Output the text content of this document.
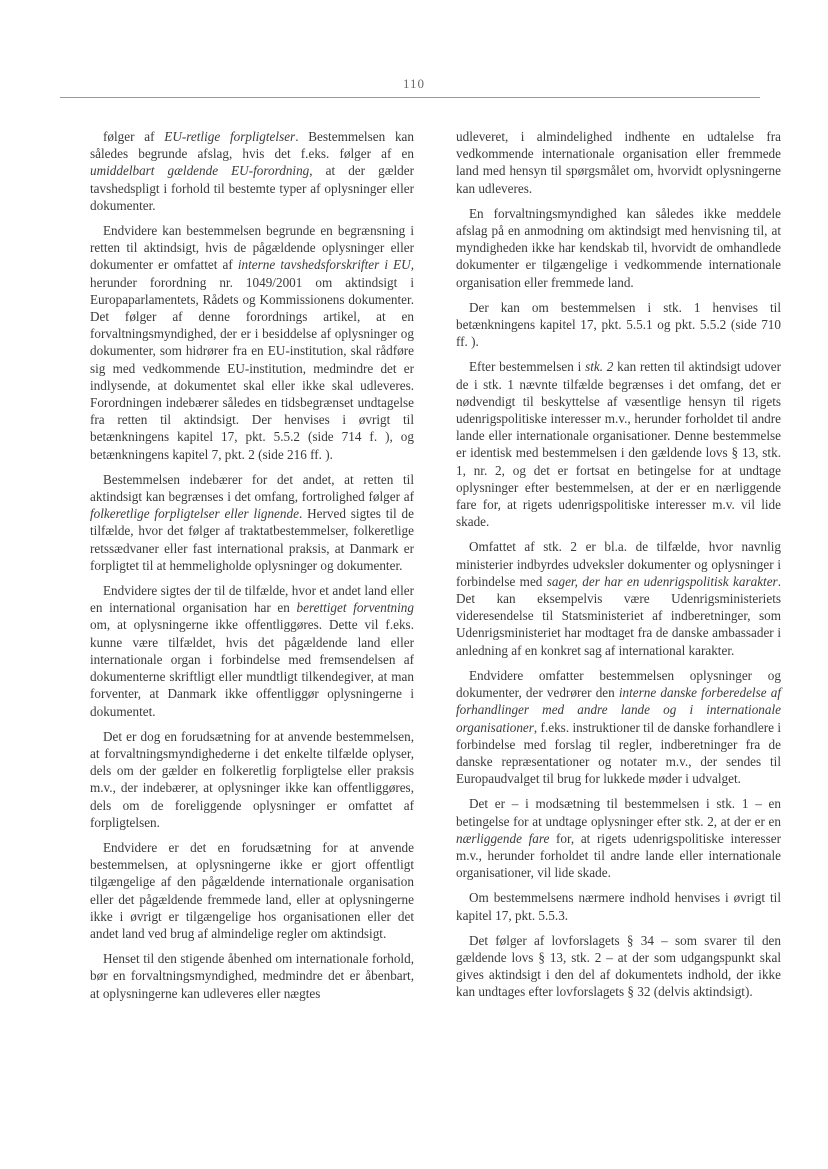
110

følger af EU-retlige forpligtelser. Bestemmelsen kan således begrunde afslag, hvis det f.eks. følger af en umiddelbart gældende EU-forordning, at der gælder tavshedspligt i forhold til bestemte typer af oplysninger eller dokumenter.

Endvidere kan bestemmelsen begrunde en begrænsning i retten til aktindsigt, hvis de pågældende oplysninger eller dokumenter er omfattet af interne tavshedsforskrifter i EU, herunder forordning nr. 1049/2001 om aktindsigt i Europaparlamentets, Rådets og Kommissionens dokumenter. Det følger af denne forordnings artikel, at en forvaltningsmyndighed, der er i besiddelse af oplysninger og dokumenter, som hidrører fra en EU-institution, skal rådføre sig med vedkommende EU-institution, medmindre det er indlysende, at dokumentet skal eller ikke skal udleveres. Forordningen indebærer således en tidsbegrænset undtagelse fra retten til aktindsigt. Der henvises i øvrigt til betænkningens kapitel 17, pkt. 5.5.2 (side 714 f. ), og betænkningens kapitel 7, pkt. 2 (side 216 ff. ).

Bestemmelsen indebærer for det andet, at retten til aktindsigt kan begrænses i det omfang, fortrolighed følger af folkeretlige forpligtelser eller lignende. Herved sigtes til de tilfælde, hvor det følger af traktatbestemmelser, folkeretlige retssædvaner eller fast international praksis, at Danmark er forpligtet til at hemmeligholde oplysninger og dokumenter.

Endvidere sigtes der til de tilfælde, hvor et andet land eller en international organisation har en berettiget forventning om, at oplysningerne ikke offentliggøres. Dette vil f.eks. kunne være tilfældet, hvis det pågældende land eller internationale organ i forbindelse med fremsendelsen af dokumenterne skriftligt eller mundtligt tilkendegiver, at man forventer, at Danmark ikke offentliggør oplysningerne i dokumentet.

Det er dog en forudsætning for at anvende bestemmelsen, at forvaltningsmyndighederne i det enkelte tilfælde oplyser, dels om der gælder en folkeretlig forpligtelse eller praksis m.v., der indebærer, at oplysninger ikke kan offentliggøres, dels om de foreliggende oplysninger er omfattet af forpligtelsen.

Endvidere er det en forudsætning for at anvende bestemmelsen, at oplysningerne ikke er gjort offentligt tilgængelige af den pågældende internationale organisation eller det pågældende fremmede land, eller at oplysningerne ikke i øvrigt er tilgængelige hos organisationen eller det andet land ved brug af almindelige regler om aktindsigt.

Henset til den stigende åbenhed om internationale forhold, bør en forvaltningsmyndighed, medmindre det er åbenbart, at oplysningerne kan udleveres eller nægtes

udleveret, i almindelighed indhente en udtalelse fra vedkommende internationale organisation eller fremmede land med hensyn til spørgsmålet om, hvorvidt oplysningerne kan udleveres.

En forvaltningsmyndighed kan således ikke meddele afslag på en anmodning om aktindsigt med henvisning til, at myndigheden ikke har kendskab til, hvorvidt de omhandlede dokumenter er tilgængelige i vedkommende internationale organisation eller fremmede land.

Der kan om bestemmelsen i stk. 1 henvises til betænkningens kapitel 17, pkt. 5.5.1 og pkt. 5.5.2 (side 710 ff. ).

Efter bestemmelsen i stk. 2 kan retten til aktindsigt udover de i stk. 1 nævnte tilfælde begrænses i det omfang, det er nødvendigt til beskyttelse af væsentlige hensyn til rigets udenrigspolitiske interesser m.v., herunder forholdet til andre lande eller internationale organisationer. Denne bestemmelse er identisk med bestemmelsen i den gældende lovs § 13, stk. 1, nr. 2, og det er fortsat en betingelse for at undtage oplysninger efter bestemmelsen, at der er en nærliggende fare for, at rigets udenrigspolitiske interesser m.v. vil lide skade.

Omfattet af stk. 2 er bl.a. de tilfælde, hvor navnlig ministerier indbyrdes udveksler dokumenter og oplysninger i forbindelse med sager, der har en udenrigspolitisk karakter. Det kan eksempelvis være Udenrigsministeriets videresendelse til Statsministeriet af indberetninger, som Udenrigsministeriet har modtaget fra de danske ambassader i anledning af en konkret sag af international karakter.

Endvidere omfatter bestemmelsen oplysninger og dokumenter, der vedrører den interne danske forberedelse af forhandlinger med andre lande og i internationale organisationer, f.eks. instruktioner til de danske forhandlere i forbindelse med forslag til regler, indberetninger fra de danske repræsentationer og notater m.v., der sendes til Europaudvalget til brug for lukkede møder i udvalget.

Det er – i modsætning til bestemmelsen i stk. 1 – en betingelse for at undtage oplysninger efter stk. 2, at der er en nærliggende fare for, at rigets udenrigspolitiske interesser m.v., herunder forholdet til andre lande eller internationale organisationer, vil lide skade.

Om bestemmelsens nærmere indhold henvises i øvrigt til kapitel 17, pkt. 5.5.3.

Det følger af lovforslagets § 34 – som svarer til den gældende lovs § 13, stk. 2 – at der som udgangspunkt skal gives aktindsigt i den del af dokumentets indhold, der ikke kan undtages efter lovforslagets § 32 (delvis aktindsigt).
